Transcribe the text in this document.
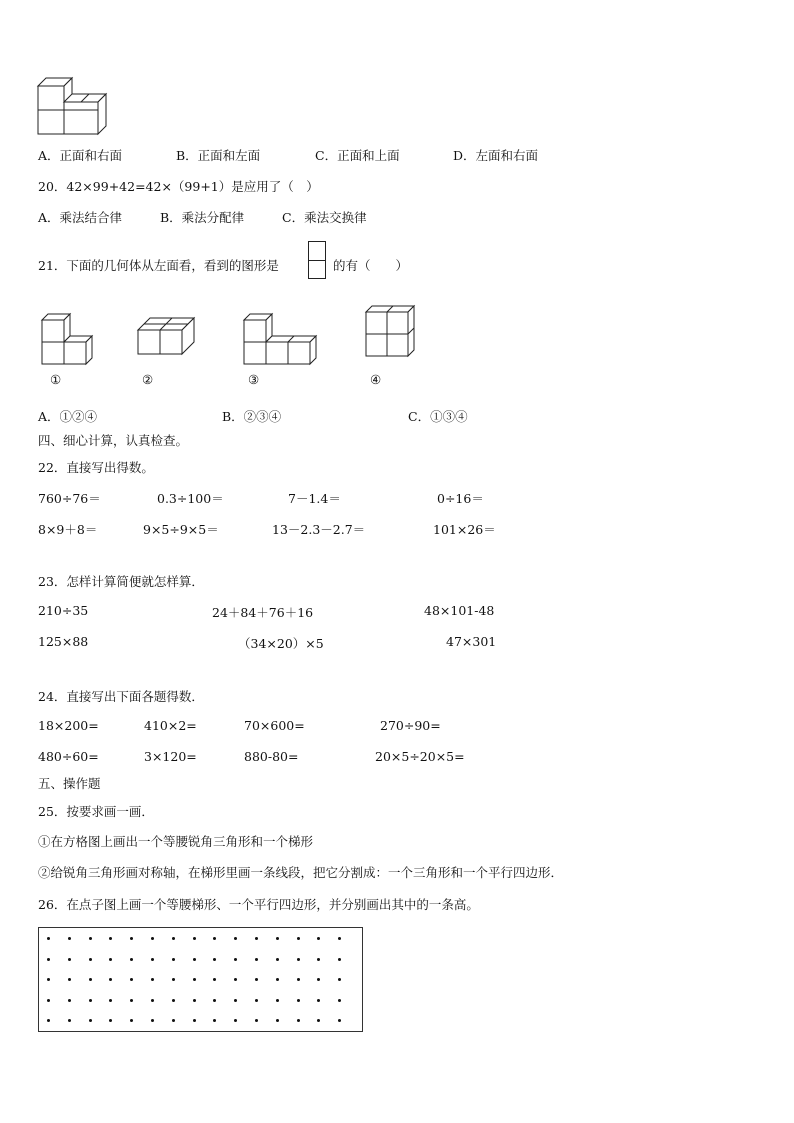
A．正面和右面	B．正面和左面	C．正面和上面	D．左面和右面
20．42×99+42=42×（99+1）是应用了（　）
A．乘法结合律	B．乘法分配律	C．乘法交换律
21．下面的几何体从左面看，看到的图形是	的有（　　）
①	②	③	④
A．①②④	B．②③④	C．①③④
四、细心计算，认真检查。
22．直接写出得数。
760÷76＝	0.3÷100＝	7－1.4＝	0÷16＝
8×9＋8＝	9×5÷9×5＝	13－2.3－2.7＝	101×26＝
23．怎样计算简便就怎样算．
210÷35	24＋84＋76＋16	48×101-48
125×88	（34×20）×5	47×301
24．直接写出下面各题得数．
18×200=	410×2=	70×600=	270÷90=
480÷60=	3×120=	880-80=	20×5÷20×5=
五、操作题
25．按要求画一画．
①在方格图上画出一个等腰锐角三角形和一个梯形
②给锐角三角形画对称轴，在梯形里画一条线段，把它分割成：一个三角形和一个平行四边形．
26．在点子图上画一个等腰梯形、一个平行四边形，并分别画出其中的一条高。
